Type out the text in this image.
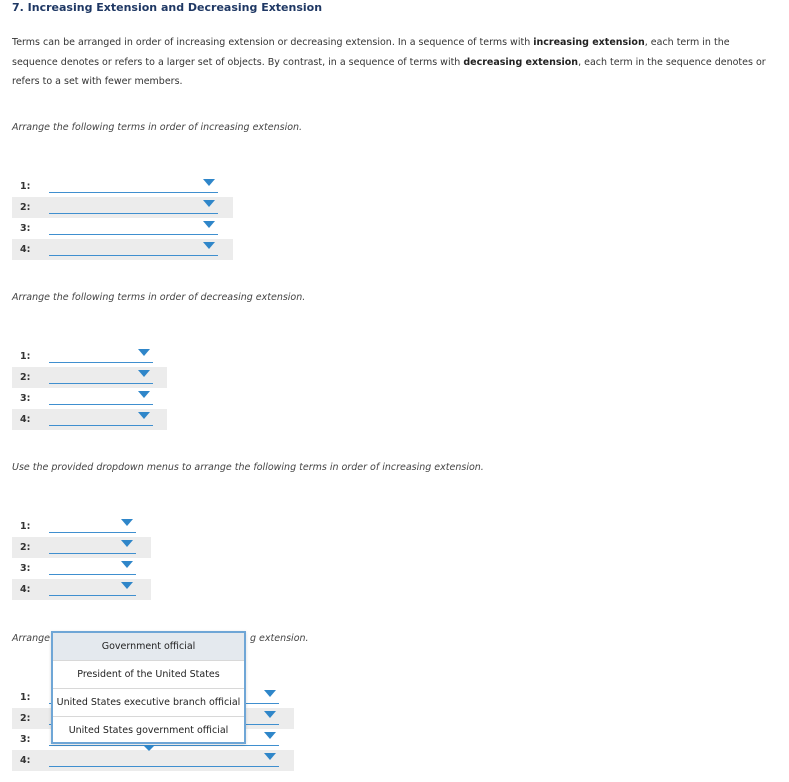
7. Increasing Extension and Decreasing Extension
Terms can be arranged in order of increasing extension or decreasing extension. In a sequence of terms with increasing extension, each term in the sequence denotes or refers to a larger set of objects. By contrast, in a sequence of terms with decreasing extension, each term in the sequence denotes or refers to a set with fewer members.
Arrange the following terms in order of increasing extension.
1:
2:
3:
4:
Arrange the following terms in order of decreasing extension.
1:
2:
3:
4:
Use the provided dropdown menus to arrange the following terms in order of increasing extension.
1:
2:
3:
4:
Arrange	g extension.
1:
2:
3:
4:
Government official
President of the United States
United States executive branch official
United States government official
